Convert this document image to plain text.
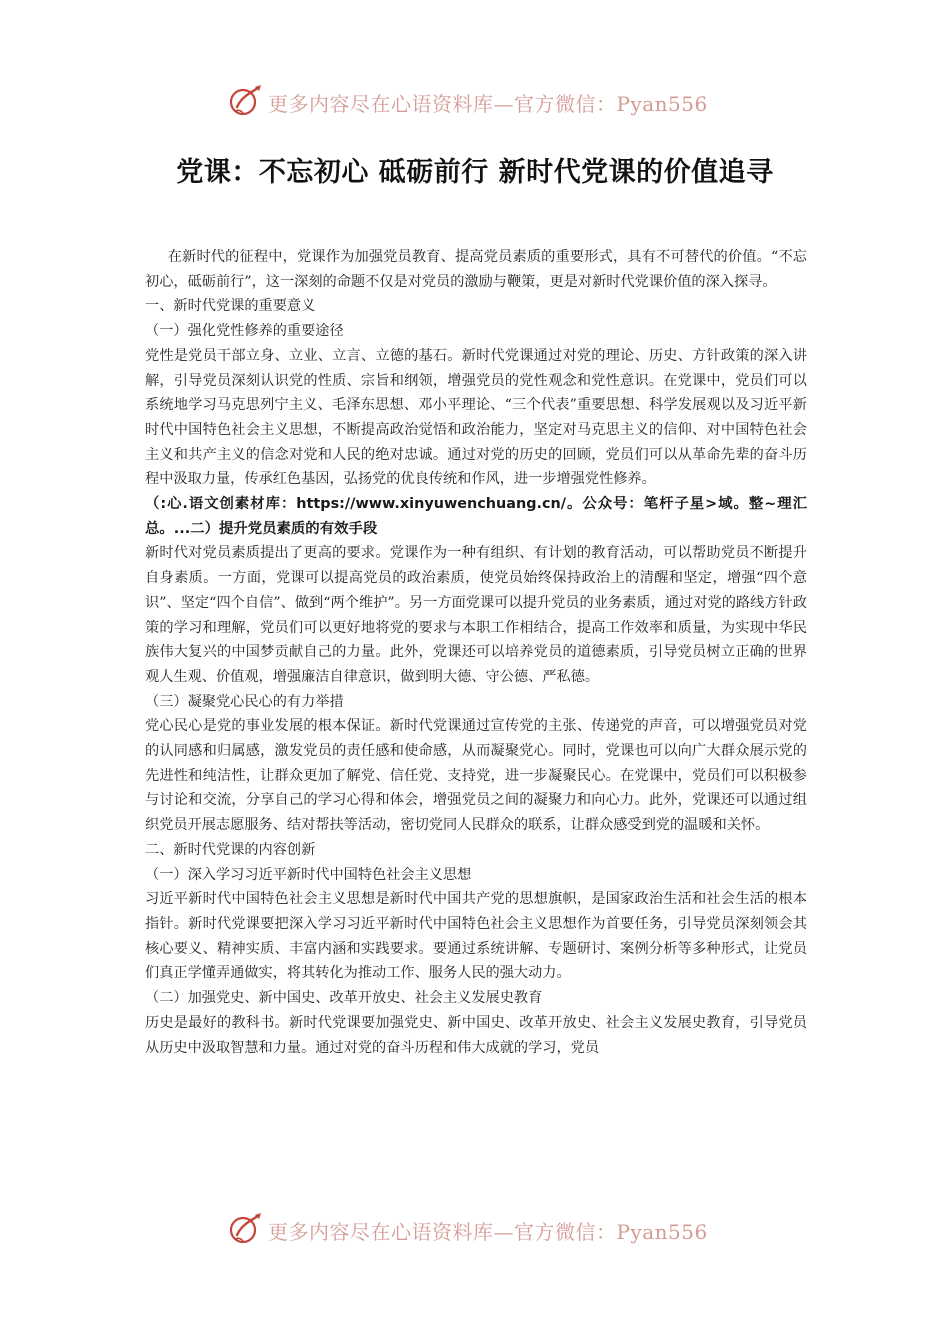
更多内容尽在心语资料库—官方微信：Pyan556
党课：不忘初心 砥砺前行 新时代党课的价值追寻

在新时代的征程中，党课作为加强党员教育、提高党员素质的重要形式，具有不可替代的价值。“不忘初心，砥砺前行”，这一深刻的命题不仅是对党员的激励与鞭策，更是对新时代党课价值的深入探寻。

一、新时代党课的重要意义

（一）强化党性修养的重要途径

党性是党员干部立身、立业、立言、立德的基石。新时代党课通过对党的理论、历史、方针政策的深入讲解，引导党员深刻认识党的性质、宗旨和纲领，增强党员的党性观念和党性意识。在党课中，党员们可以系统地学习马克思列宁主义、毛泽东思想、邓小平理论、“三个代表”重要思想、科学发展观以及习近平新时代中国特色社会主义思想，不断提高政治觉悟和政治能力，坚定对马克思主义的信仰、对中国特色社会主义和共产主义的信念对党和人民的绝对忠诚。通过对党的历史的回顾，党员们可以从革命先辈的奋斗历程中汲取力量，传承红色基因，弘扬党的优良传统和作风，进一步增强党性修养。

（:心.语文创素材库：https://www.xinyuwenchuang.cn/。公众号：笔杆子星>域。整~理汇总。...二）提升党员素质的有效手段

新时代对党员素质提出了更高的要求。党课作为一种有组织、有计划的教育活动，可以帮助党员不断提升自身素质。一方面，党课可以提高党员的政治素质，使党员始终保持政治上的清醒和坚定，增强“四个意识”、坚定“四个自信”、做到“两个维护”。另一方面党课可以提升党员的业务素质，通过对党的路线方针政策的学习和理解，党员们可以更好地将党的要求与本职工作相结合，提高工作效率和质量，为实现中华民族伟大复兴的中国梦贡献自己的力量。此外，党课还可以培养党员的道德素质，引导党员树立正确的世界观人生观、价值观，增强廉洁自律意识，做到明大德、守公德、严私德。

（三）凝聚党心民心的有力举措

党心民心是党的事业发展的根本保证。新时代党课通过宣传党的主张、传递党的声音，可以增强党员对党的认同感和归属感，激发党员的责任感和使命感，从而凝聚党心。同时，党课也可以向广大群众展示党的先进性和纯洁性，让群众更加了解党、信任党、支持党，进一步凝聚民心。在党课中，党员们可以积极参与讨论和交流，分享自己的学习心得和体会，增强党员之间的凝聚力和向心力。此外，党课还可以通过组织党员开展志愿服务、结对帮扶等活动，密切党同人民群众的联系，让群众感受到党的温暖和关怀。

二、新时代党课的内容创新

（一）深入学习习近平新时代中国特色社会主义思想

习近平新时代中国特色社会主义思想是新时代中国共产党的思想旗帜，是国家政治生活和社会生活的根本指针。新时代党课要把深入学习习近平新时代中国特色社会主义思想作为首要任务，引导党员深刻领会其核心要义、精神实质、丰富内涵和实践要求。要通过系统讲解、专题研讨、案例分析等多种形式，让党员们真正学懂弄通做实，将其转化为推动工作、服务人民的强大动力。

（二）加强党史、新中国史、改革开放史、社会主义发展史教育

历史是最好的教科书。新时代党课要加强党史、新中国史、改革开放史、社会主义发展史教育，引导党员从历史中汲取智慧和力量。通过对党的奋斗历程和伟大成就的学习，党员

更多内容尽在心语资料库—官方微信：Pyan556
